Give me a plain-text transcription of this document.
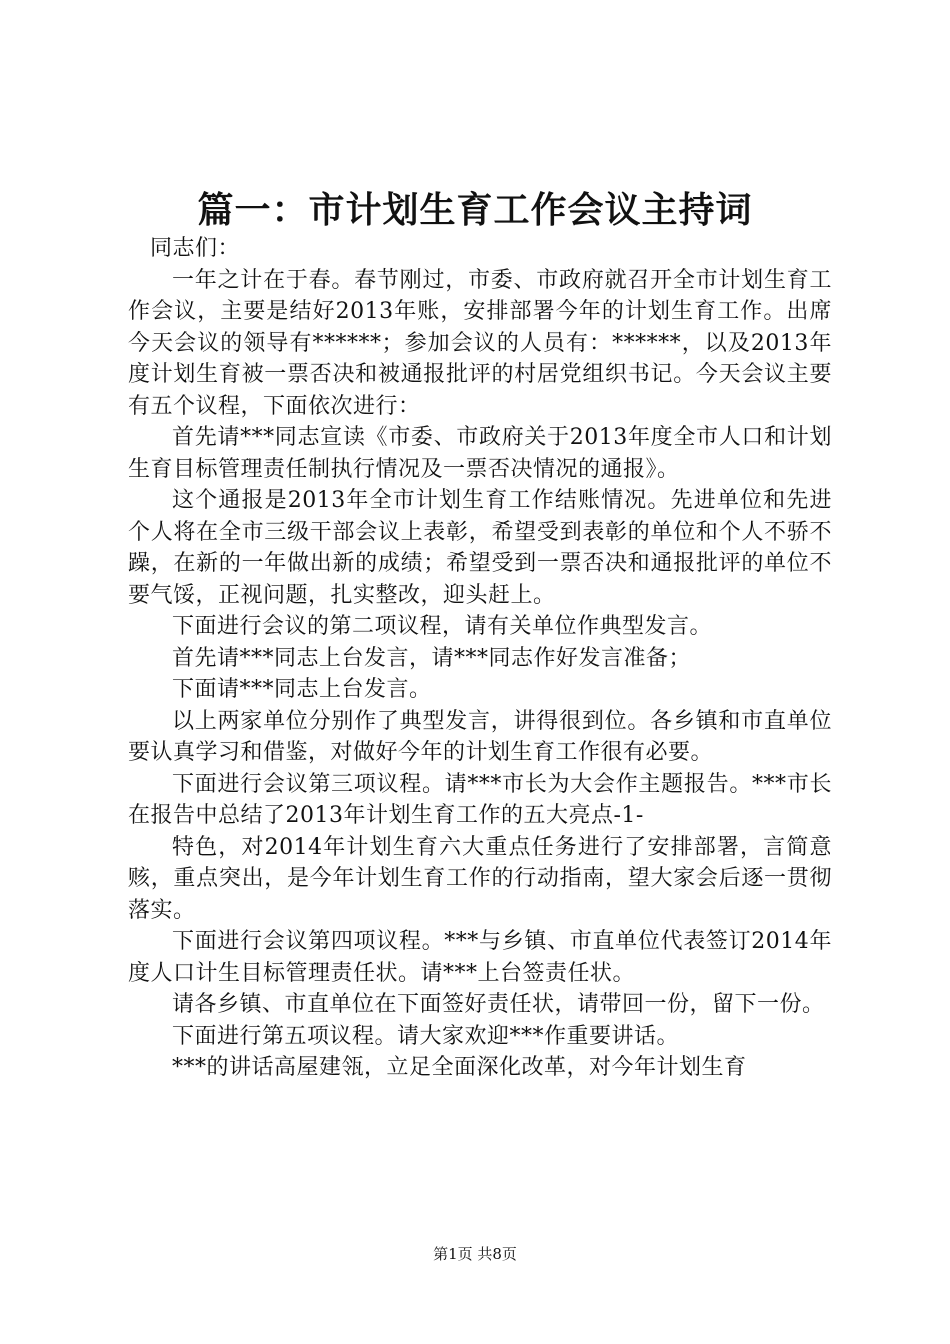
篇一：市计划生育工作会议主持词

同志们：

一年之计在于春。春节刚过，市委、市政府就召开全市计划生育工作会议，主要是结好2013年账，安排部署今年的计划生育工作。出席今天会议的领导有******；参加会议的人员有：******，以及2013年度计划生育被一票否决和被通报批评的村居党组织书记。今天会议主要有五个议程，下面依次进行：

首先请***同志宣读《市委、市政府关于2013年度全市人口和计划生育目标管理责任制执行情况及一票否决情况的通报》。

这个通报是2013年全市计划生育工作结账情况。先进单位和先进个人将在全市三级干部会议上表彰，希望受到表彰的单位和个人不骄不躁，在新的一年做出新的成绩；希望受到一票否决和通报批评的单位不要气馁，正视问题，扎实整改，迎头赶上。

下面进行会议的第二项议程，请有关单位作典型发言。

首先请***同志上台发言，请***同志作好发言准备；

下面请***同志上台发言。

以上两家单位分别作了典型发言，讲得很到位。各乡镇和市直单位要认真学习和借鉴，对做好今年的计划生育工作很有必要。

下面进行会议第三项议程。请***市长为大会作主题报告。***市长在报告中总结了2013年计划生育工作的五大亮点-1-

特色，对2014年计划生育六大重点任务进行了安排部署，言简意赅，重点突出，是今年计划生育工作的行动指南，望大家会后逐一贯彻落实。

下面进行会议第四项议程。***与乡镇、市直单位代表签订2014年度人口计生目标管理责任状。请***上台签责任状。

请各乡镇、市直单位在下面签好责任状，请带回一份，留下一份。

下面进行第五项议程。请大家欢迎***作重要讲话。

***的讲话高屋建瓴，立足全面深化改革，对今年计划生育

第1页 共8页
